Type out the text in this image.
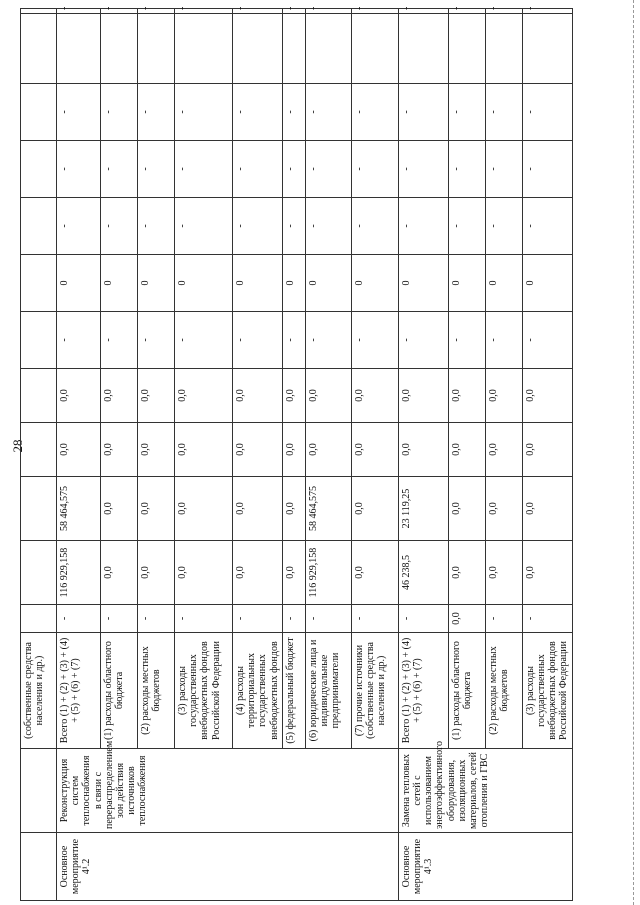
28
		(собственные средства населения и др.)												
Основное мероприятие 4¹.2	Реконструкция систем теплоснабжения в связи с перераспределением зон действия источников теплоснабжения	Всего (1) + (2) + (3) + (4) + (5) + (6) + (7)	-	116 929,158	58 464,575	0,0	0,0	-	0	-	-	-		-
		(1) расходы областного бюджета	-	0,0	0,0	0,0	0,0	-	0	-	-	-		-
		(2) расходы местных бюджетов	-	0,0	0,0	0,0	0,0	-	0	-	-	-		-
		(3) расходы государственных внебюджетных фондов Российской Федерации	-	0,0	0,0	0,0	0,0	-	0	-	-	-		-
		(4) расходы территориальных государственных внебюджетных фондов	-	0,0	0,0	0,0	0,0	-	0	-	-	-		-
		(5) федеральный бюджет	-	0,0	0,0	0,0	0,0	-	0	-	-	-		-
		(6) юридические лица и индивидуальные предприниматели	-	116 929,158	58 464,575	0,0	0,0	-	0	-	-	-		-
		(7) прочие источники (собственные средства населения и др.)	-	0,0	0,0	0,0	0,0	-	0	-	-	-		-
Основное мероприятие 4¹.3	Замена тепловых сетей с использованием энергоэффективного оборудования, изоляционных материалов, сетей отопления и ГВС	Всего (1) + (2) + (3) + (4) + (5) + (6) + (7)	-	46 238,5	23 119,25	0,0	0,0	-	0	-	-	-		-
		(1) расходы областного бюджета	0,0	0,0	0,0	0,0	0,0	-	0	-	-	-		-
		(2) расходы местных бюджетов	-	0,0	0,0	0,0	0,0	-	0	-	-	-		-
		(3) расходы государственных внебюджетных фондов Российской Федерации	-	0,0	0,0	0,0	0,0	-	0	-	-	-		-
